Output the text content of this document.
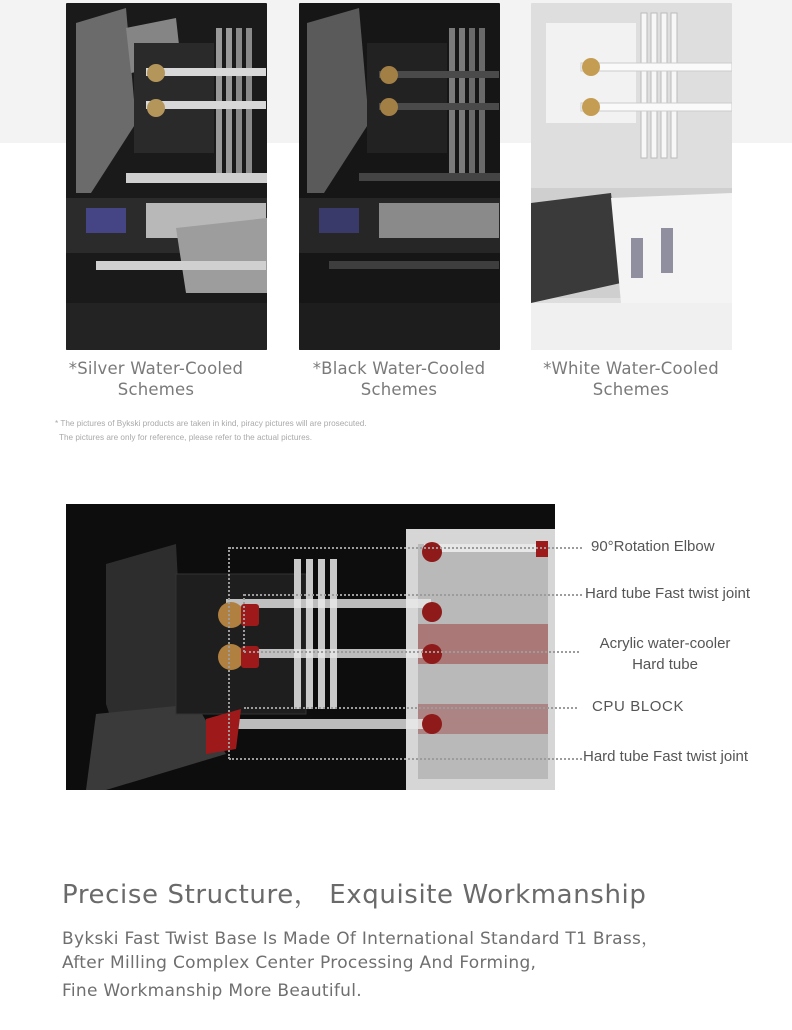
*Silver Water-Cooled
Schemes
*Black Water-Cooled
Schemes
*White Water-Cooled
Schemes
* The pictures of Bykski products are taken in kind, piracy pictures will are prosecuted.
The pictures are only for reference, please refer to the actual pictures.
90°Rotation Elbow
Hard tube Fast twist joint
Acrylic water-cooler
Hard tube
CPU BLOCK
Hard tube Fast twist joint
Precise Structure， Exquisite Workmanship
Bykski Fast Twist Base Is Made Of International Standard T1 Brass，
After Milling Complex Center Processing And Forming,
Fine Workmanship More Beautiful.
